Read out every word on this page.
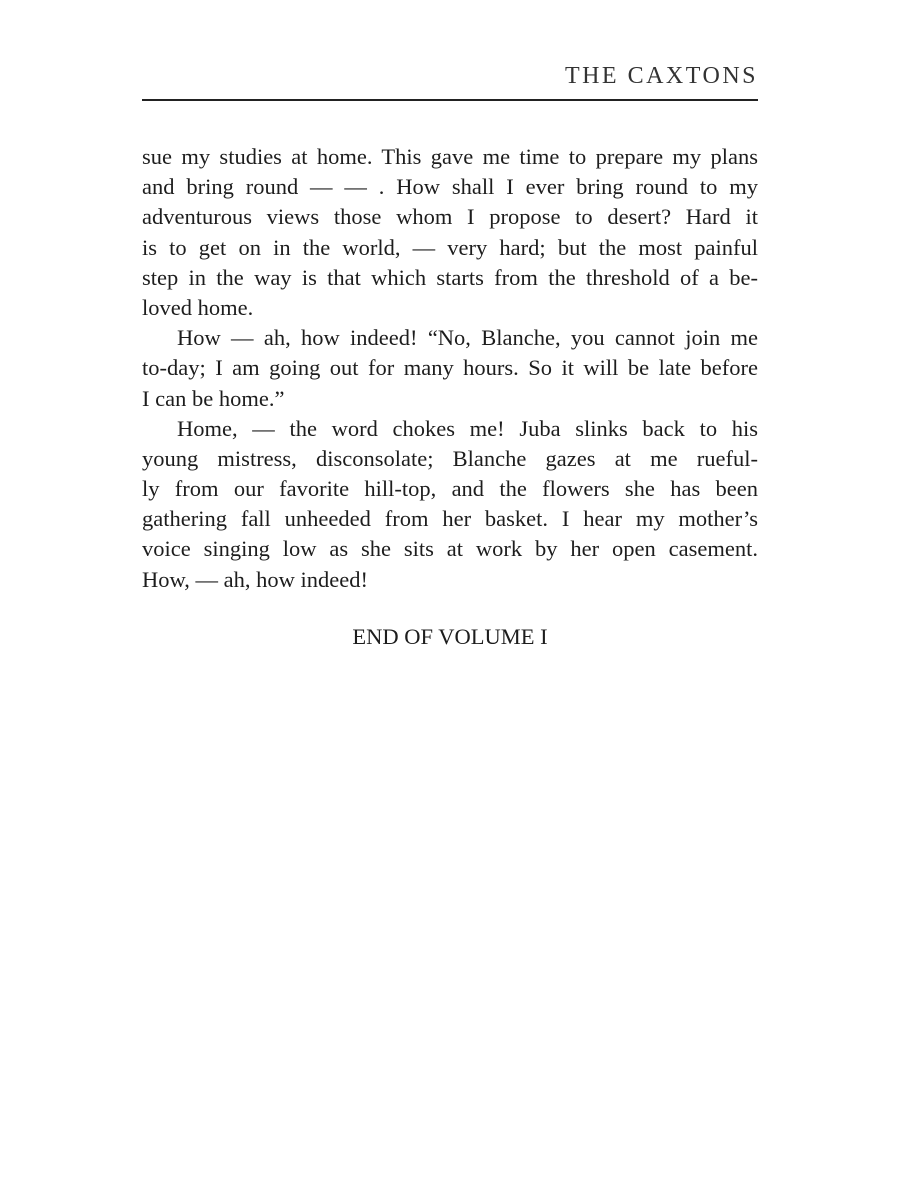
THE CAXTONS
sue my studies at home. This gave me time to prepare my plans
and bring round — — . How shall I ever bring round to my
adventurous views those whom I propose to desert? Hard it
is to get on in the world, — very hard; but the most painful
step in the way is that which starts from the threshold of a be-
loved home.
How — ah, how indeed! “No, Blanche, you cannot join me
to-day; I am going out for many hours. So it will be late before
I can be home.”
Home, — the word chokes me! Juba slinks back to his
young mistress, disconsolate; Blanche gazes at me rueful-
ly from our favorite hill-top, and the flowers she has been
gathering fall unheeded from her basket. I hear my mother’s
voice singing low as she sits at work by her open casement.
How, — ah, how indeed!
END OF VOLUME I
